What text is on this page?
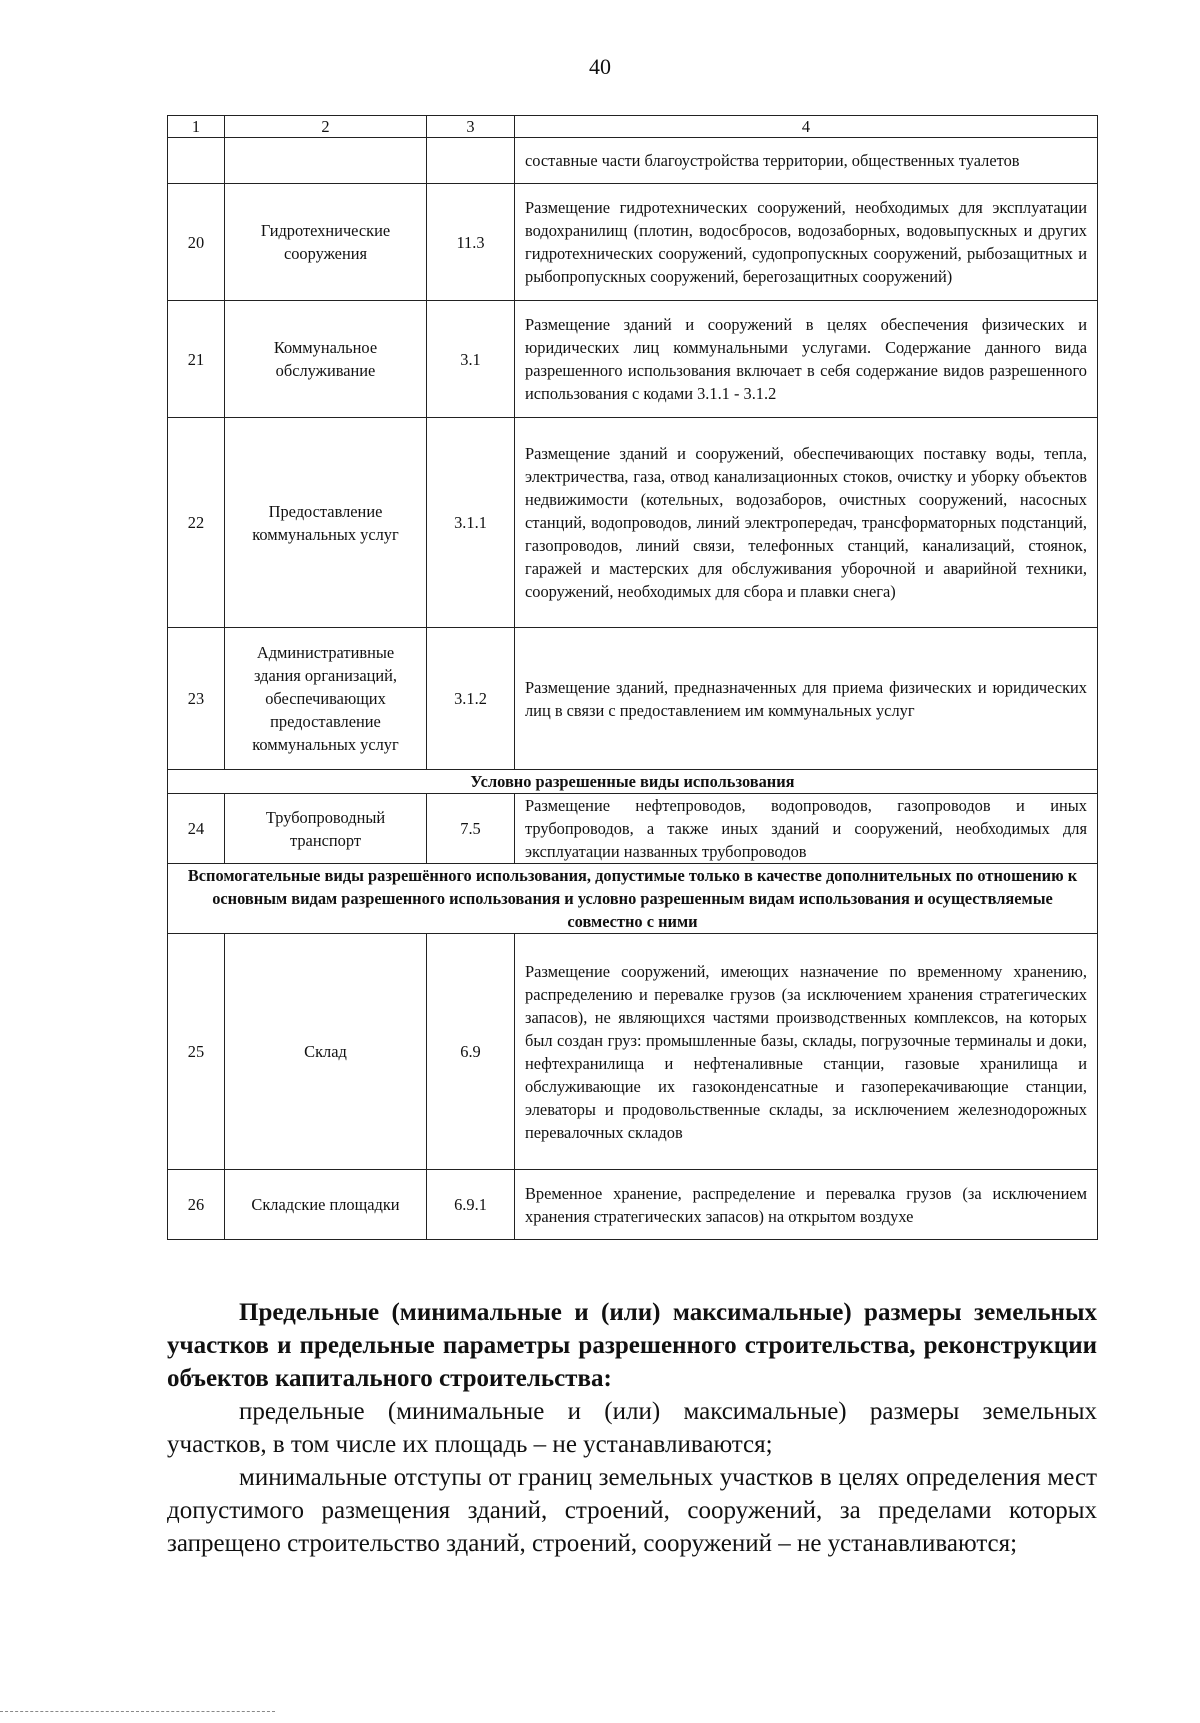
40
1	2	3	4
			составные части благоустройства территории, общественных туалетов
20	Гидротехнические сооружения	11.3	Размещение гидротехнических сооружений, необходимых для эксплуатации водохранилищ (плотин, водосбросов, водозаборных, водовыпускных и других гидротехнических сооружений, судопропускных сооружений, рыбозащитных и рыбопропускных сооружений, берегозащитных сооружений)
21	Коммунальное обслуживание	3.1	Размещение зданий и сооружений в целях обеспечения физических и юридических лиц коммунальными услугами. Содержание данного вида разрешенного использования включает в себя содержание видов разрешенного использования с кодами 3.1.1 - 3.1.2
22	Предоставление коммунальных услуг	3.1.1	Размещение зданий и сооружений, обеспечивающих поставку воды, тепла, электричества, газа, отвод канализационных стоков, очистку и уборку объектов недвижимости (котельных, водозаборов, очистных сооружений, насосных станций, водопроводов, линий электропередач, трансформаторных подстанций, газопроводов, линий связи, телефонных станций, канализаций, стоянок, гаражей и мастерских для обслуживания уборочной и аварийной техники, сооружений, необходимых для сбора и плавки снега)
23	Административные здания организаций, обеспечивающих предоставление коммунальных услуг	3.1.2	Размещение зданий, предназначенных для приема физических и юридических лиц в связи с предоставлением им коммунальных услуг
Условно разрешенные виды использования			
24	Трубопроводный транспорт	7.5	Размещение нефтепроводов, водопроводов, газопроводов и иных трубопроводов, а также иных зданий и сооружений, необходимых для эксплуатации названных трубопроводов
Вспомогательные виды разрешённого использования, допустимые только в качестве дополнительных по отношению к основным видам разрешенного использования и условно разрешенным видам использования и осуществляемые совместно с ними			
25	Склад	6.9	Размещение сооружений, имеющих назначение по временному хранению, распределению и перевалке грузов (за исключением хранения стратегических запасов), не являющихся частями производственных комплексов, на которых был создан груз: промышленные базы, склады, погрузочные терминалы и доки, нефтехранилища и нефтеналивные станции, газовые хранилища и обслуживающие их газоконденсатные и газоперекачивающие станции, элеваторы и продовольственные склады, за исключением железнодорожных перевалочных складов
26	Складские площадки	6.9.1	Временное хранение, распределение и перевалка грузов (за исключением хранения стратегических запасов) на открытом воздухе

Предельные (минимальные и (или) максимальные) размеры земельных участков и предельные параметры разрешенного строительства, реконструкции объектов капитального строительства:

предельные (минимальные и (или) максимальные) размеры земельных участков, в том числе их площадь – не устанавливаются;

минимальные отступы от границ земельных участков в целях определения мест допустимого размещения зданий, строений, сооружений, за пределами которых запрещено строительство зданий, строений, сооружений – не устанавливаются;
